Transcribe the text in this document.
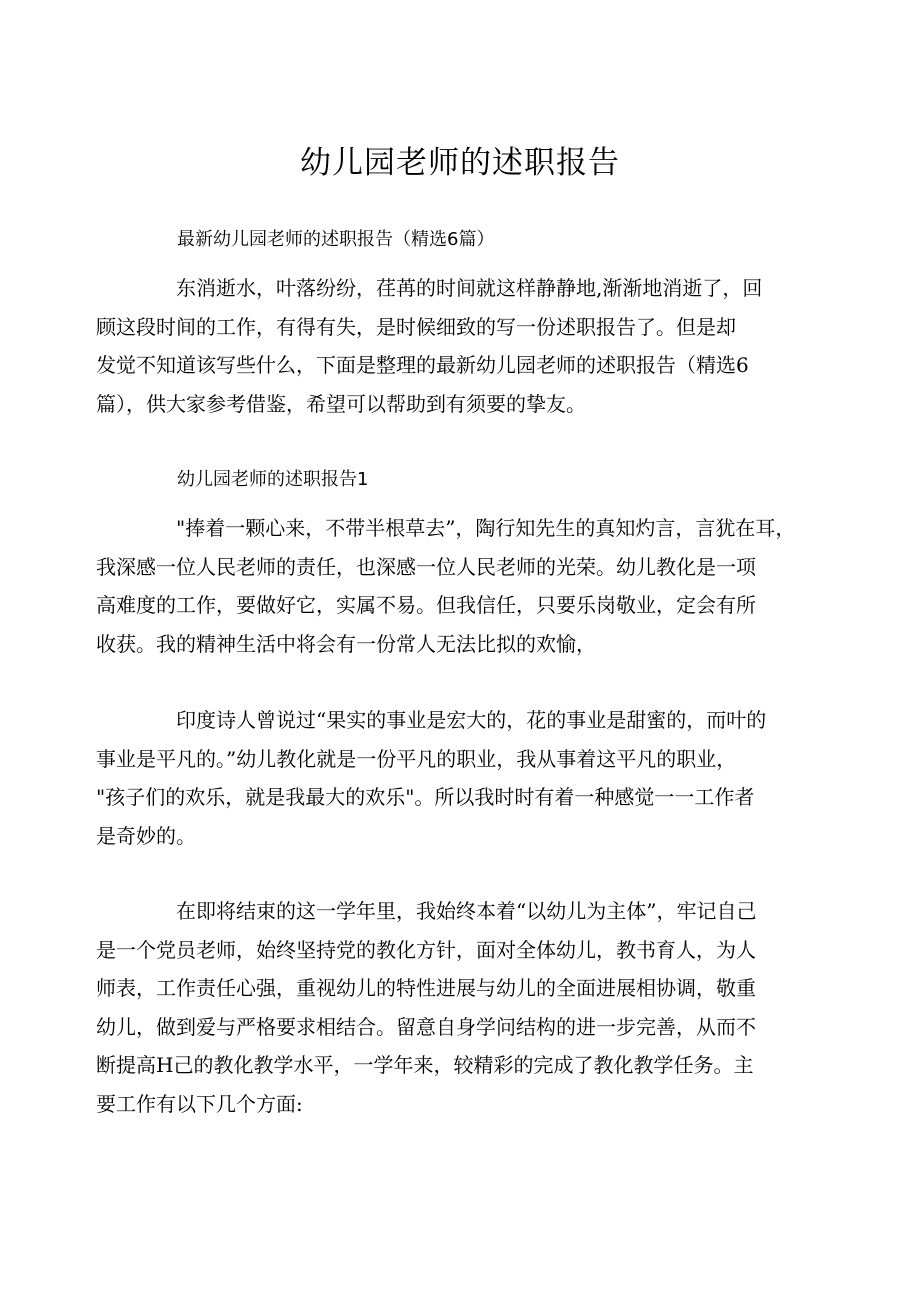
幼儿园老师的述职报告
最新幼儿园老师的述职报告（精选6篇）

东消逝水，叶落纷纷，荏苒的时间就这样静静地,渐渐地消逝了，回
顾这段时间的工作，有得有失，是时候细致的写一份述职报告了。但是却
发觉不知道该写些什么，下面是整理的最新幼儿园老师的述职报告（精选6
篇），供大家参考借鉴，希望可以帮助到有须要的挚友。

幼儿园老师的述职报告1

"捧着一颗心来，不带半根草去”，陶行知先生的真知灼言，言犹在耳，
我深感一位人民老师的责任，也深感一位人民老师的光荣。幼儿教化是一项
高难度的工作，要做好它，实属不易。但我信任，只要乐岗敬业，定会有所
收获。我的精神生活中将会有一份常人无法比拟的欢愉，

印度诗人曾说过“果实的事业是宏大的，花的事业是甜蜜的，而叶的
事业是平凡的。”幼儿教化就是一份平凡的职业，我从事着这平凡的职业，
"孩子们的欢乐，就是我最大的欢乐"。所以我时时有着一种感觉一一工作者
是奇妙的。

在即将结束的这一学年里，我始终本着“以幼儿为主体”，牢记自己
是一个党员老师，始终坚持党的教化方针，面对全体幼儿，教书育人，为人
师表，工作责任心强，重视幼儿的特性进展与幼儿的全面进展相协调，敬重
幼儿，做到爱与严格要求相结合。留意自身学问结构的进一步完善，从而不
断提高H己的教化教学水平，一学年来，较精彩的完成了教化教学任务。主
要工作有以下几个方面:
